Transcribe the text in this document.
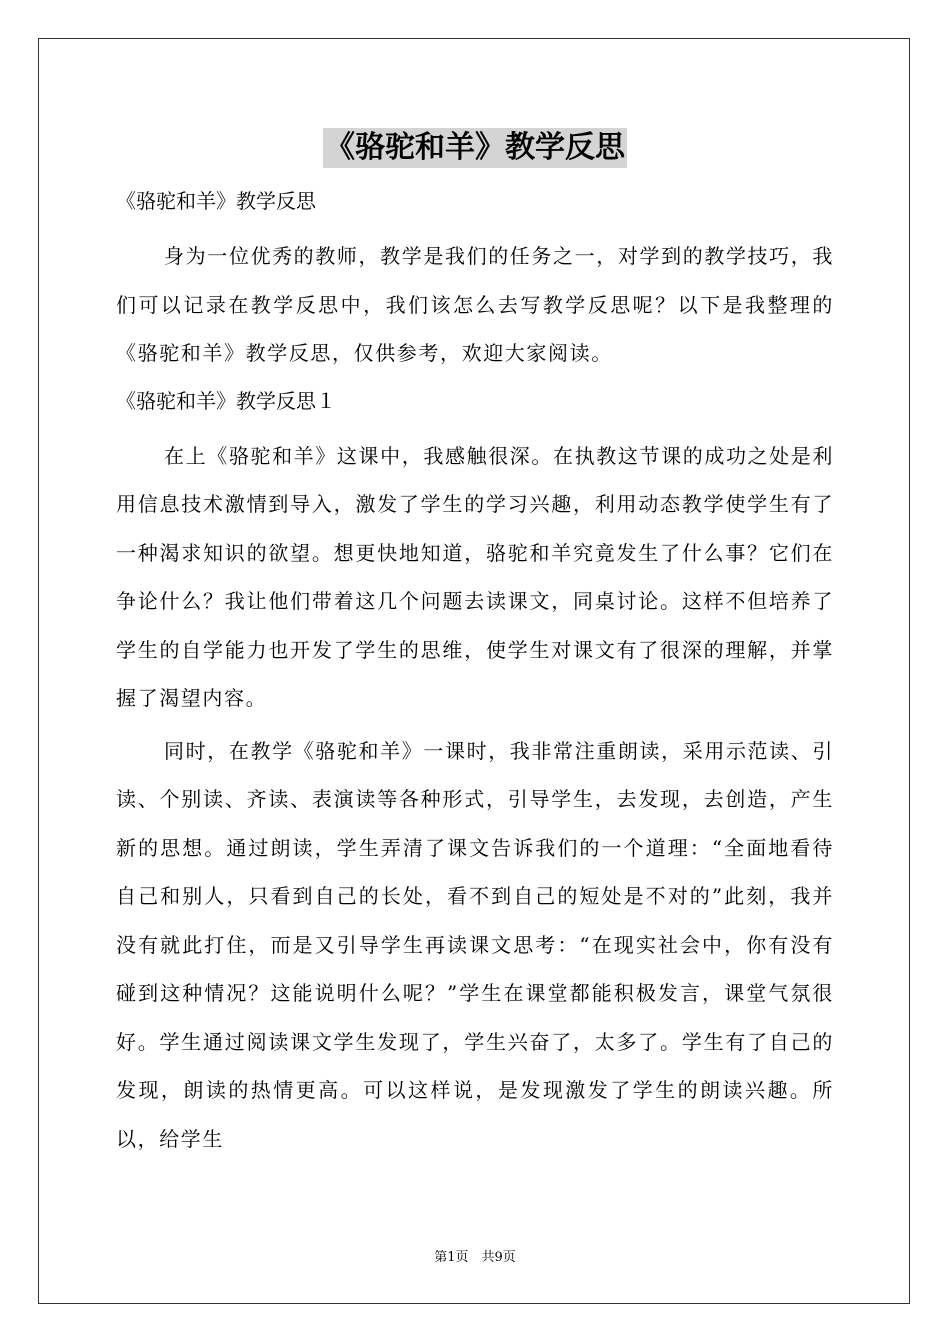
《骆驼和羊》教学反思

《骆驼和羊》教学反思

身为一位优秀的教师，教学是我们的任务之一，对学到的教学技巧，我们可以记录在教学反思中，我们该怎么去写教学反思呢？以下是我整理的《骆驼和羊》教学反思，仅供参考，欢迎大家阅读。

《骆驼和羊》教学反思１

在上《骆驼和羊》这课中，我感触很深。在执教这节课的成功之处是利用信息技术激情到导入，激发了学生的学习兴趣，利用动态教学使学生有了一种渴求知识的欲望。想更快地知道，骆驼和羊究竟发生了什么事？它们在争论什么？我让他们带着这几个问题去读课文，同桌讨论。这样不但培养了学生的自学能力也开发了学生的思维，使学生对课文有了很深的理解，并掌握了渴望内容。

同时，在教学《骆驼和羊》一课时，我非常注重朗读，采用示范读、引读、个别读、齐读、表演读等各种形式，引导学生，去发现，去创造，产生新的思想。通过朗读，学生弄清了课文告诉我们的一个道理：“全面地看待自己和别人，只看到自己的长处，看不到自己的短处是不对的”此刻，我并没有就此打住，而是又引导学生再读课文思考：“在现实社会中，你有没有碰到这种情况？这能说明什么呢？”学生在课堂都能积极发言，课堂气氛很好。学生通过阅读课文学生发现了，学生兴奋了，太多了。学生有了自己的发现，朗读的热情更高。可以这样说，是发现激发了学生的朗读兴趣。所以，给学生

第1页　共9页
